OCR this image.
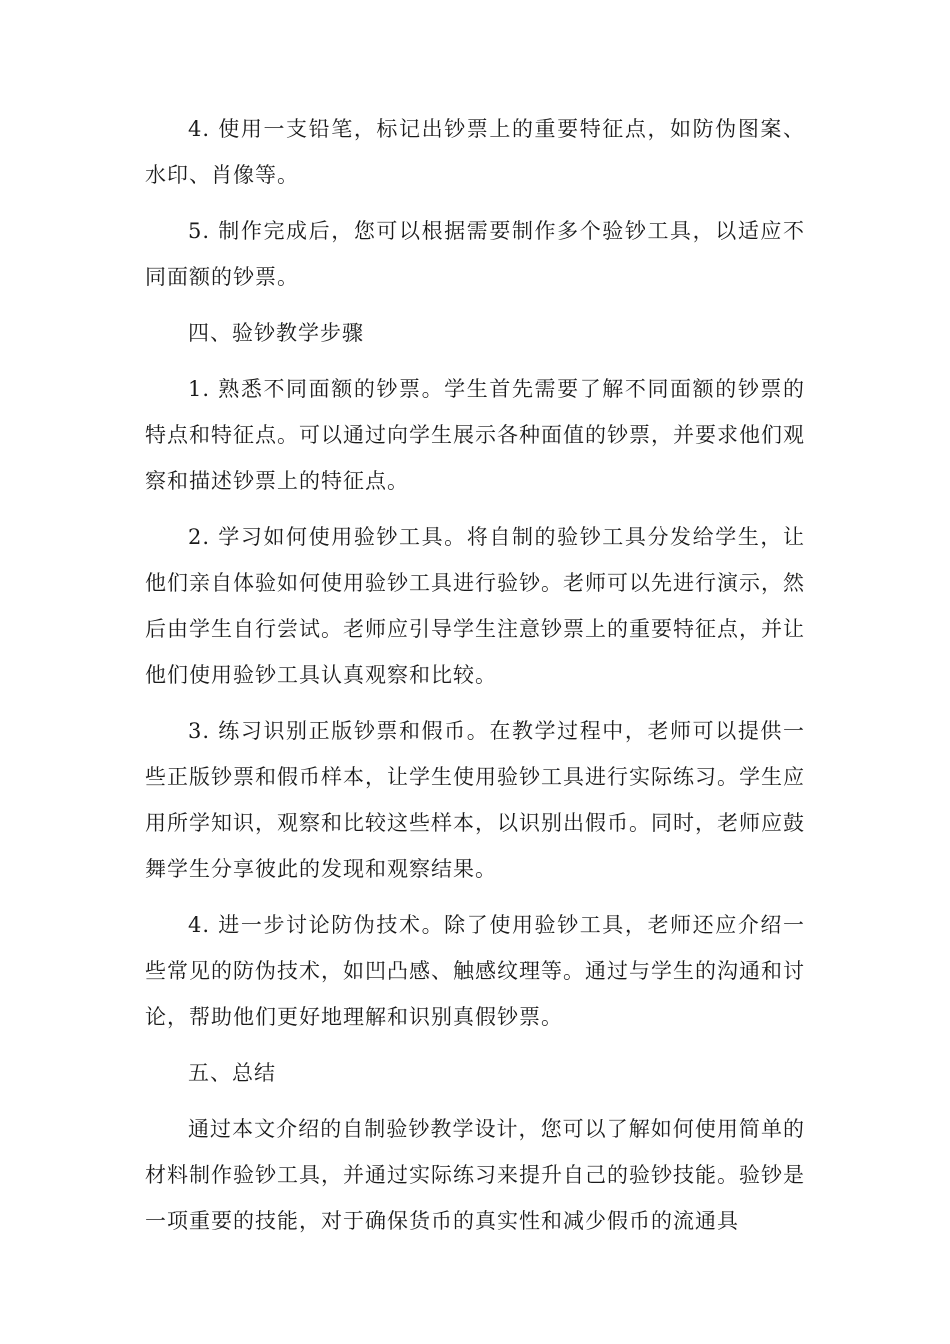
4. 使用一支铅笔，标记出钞票上的重要特征点，如防伪图案、水印、肖像等。

5. 制作完成后，您可以根据需要制作多个验钞工具，以适应不同面额的钞票。

四、验钞教学步骤

1. 熟悉不同面额的钞票。学生首先需要了解不同面额的钞票的特点和特征点。可以通过向学生展示各种面值的钞票，并要求他们观察和描述钞票上的特征点。

2. 学习如何使用验钞工具。将自制的验钞工具分发给学生，让他们亲自体验如何使用验钞工具进行验钞。老师可以先进行演示，然后由学生自行尝试。老师应引导学生注意钞票上的重要特征点，并让他们使用验钞工具认真观察和比较。

3. 练习识别正版钞票和假币。在教学过程中，老师可以提供一些正版钞票和假币样本，让学生使用验钞工具进行实际练习。学生应用所学知识，观察和比较这些样本，以识别出假币。同时，老师应鼓舞学生分享彼此的发现和观察结果。

4. 进一步讨论防伪技术。除了使用验钞工具，老师还应介绍一些常见的防伪技术，如凹凸感、触感纹理等。通过与学生的沟通和讨论，帮助他们更好地理解和识别真假钞票。

五、总结

通过本文介绍的自制验钞教学设计，您可以了解如何使用简单的材料制作验钞工具，并通过实际练习来提升自己的验钞技能。验钞是一项重要的技能，对于确保货币的真实性和减少假币的流通具
